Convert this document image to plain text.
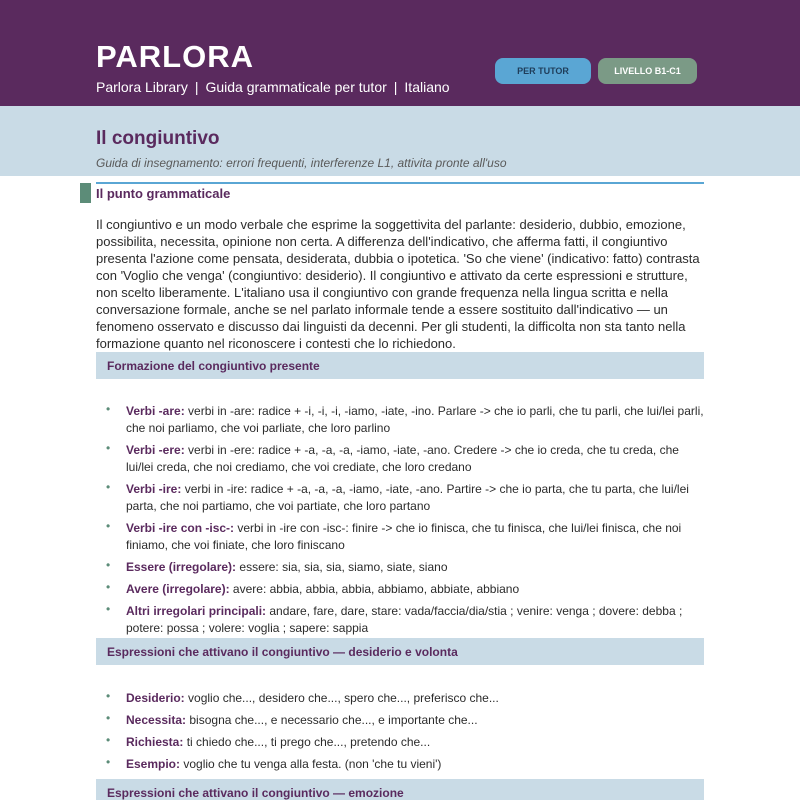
PARLORA
Parlora Library | Guida grammaticale per tutor | Italiano
PER TUTOR	LIVELLO B1-C1
Il congiuntivo
Guida di insegnamento: errori frequenti, interferenze L1, attivita pronte all'uso
Il punto grammaticale

Il congiuntivo e un modo verbale che esprime la soggettivita del parlante: desiderio, dubbio, emozione, possibilita, necessita, opinione non certa. A differenza dell'indicativo, che afferma fatti, il congiuntivo presenta l'azione come pensata, desiderata, dubbia o ipotetica. 'So che viene' (indicativo: fatto) contrasta con 'Voglio che venga' (congiuntivo: desiderio). Il congiuntivo e attivato da certe espressioni e strutture, non scelto liberamente. L'italiano usa il congiuntivo con grande frequenza nella lingua scritta e nella conversazione formale, anche se nel parlato informale tende a essere sostituito dall'indicativo — un fenomeno osservato e discusso dai linguisti da decenni. Per gli studenti, la difficolta non sta tanto nella formazione quanto nel riconoscere i contesti che lo richiedono.

Formazione del congiuntivo presente
• Verbi -are: verbi in -are: radice + -i, -i, -i, -iamo, -iate, -ino. Parlare -> che io parli, che tu parli, che lui/lei parli, che noi parliamo, che voi parliate, che loro parlino
• Verbi -ere: verbi in -ere: radice + -a, -a, -a, -iamo, -iate, -ano. Credere -> che io creda, che tu creda, che lui/lei creda, che noi crediamo, che voi crediate, che loro credano
• Verbi -ire: verbi in -ire: radice + -a, -a, -a, -iamo, -iate, -ano. Partire -> che io parta, che tu parta, che lui/lei parta, che noi partiamo, che voi partiate, che loro partano
• Verbi -ire con -isc-: verbi in -ire con -isc-: finire -> che io finisca, che tu finisca, che lui/lei finisca, che noi finiamo, che voi finiate, che loro finiscano
• Essere (irregolare): essere: sia, sia, sia, siamo, siate, siano
• Avere (irregolare): avere: abbia, abbia, abbia, abbiamo, abbiate, abbiano
• Altri irregolari principali: andare, fare, dare, stare: vada/faccia/dia/stia ; venire: venga ; dovere: debba ; potere: possa ; volere: voglia ; sapere: sappia
Espressioni che attivano il congiuntivo — desiderio e volonta
• Desiderio: voglio che..., desidero che..., spero che..., preferisco che...
• Necessita: bisogna che..., e necessario che..., e importante che...
• Richiesta: ti chiedo che..., ti prego che..., pretendo che...
• Esempio: voglio che tu venga alla festa. (non 'che tu vieni')
Espressioni che attivano il congiuntivo — emozione
